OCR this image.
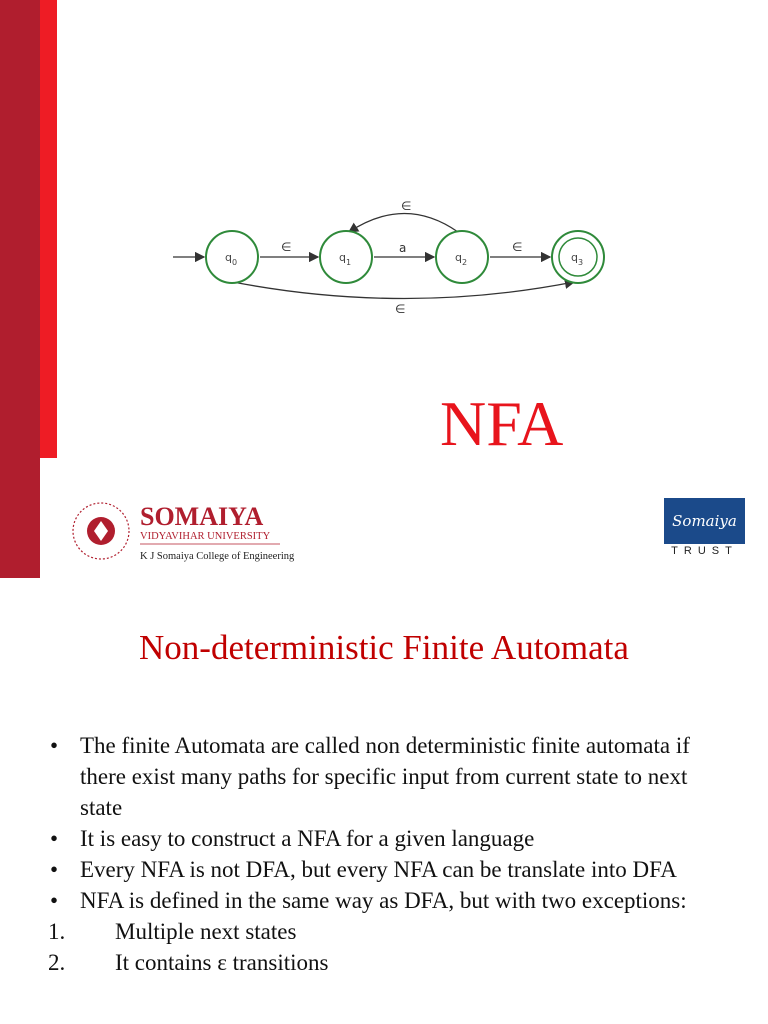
$q_0$	$q_1$	$q_2$	$q_3$
∈	a	∈
∈
∈
NFA
SOMAIYA
VIDYAVIHAR UNIVERSITY
K J Somaiya College of Engineering
Somaiya
TRUST
Non-deterministic Finite Automata
• The finite Automata are called non deterministic finite automata if there exist many paths for specific input from current state to next state
• It is easy to construct a NFA for a given language
• Every NFA is not DFA, but every NFA can be translate into DFA
• NFA is defined in the same way as DFA, but with two exceptions:
1. Multiple next states
2. It contains ε transitions
